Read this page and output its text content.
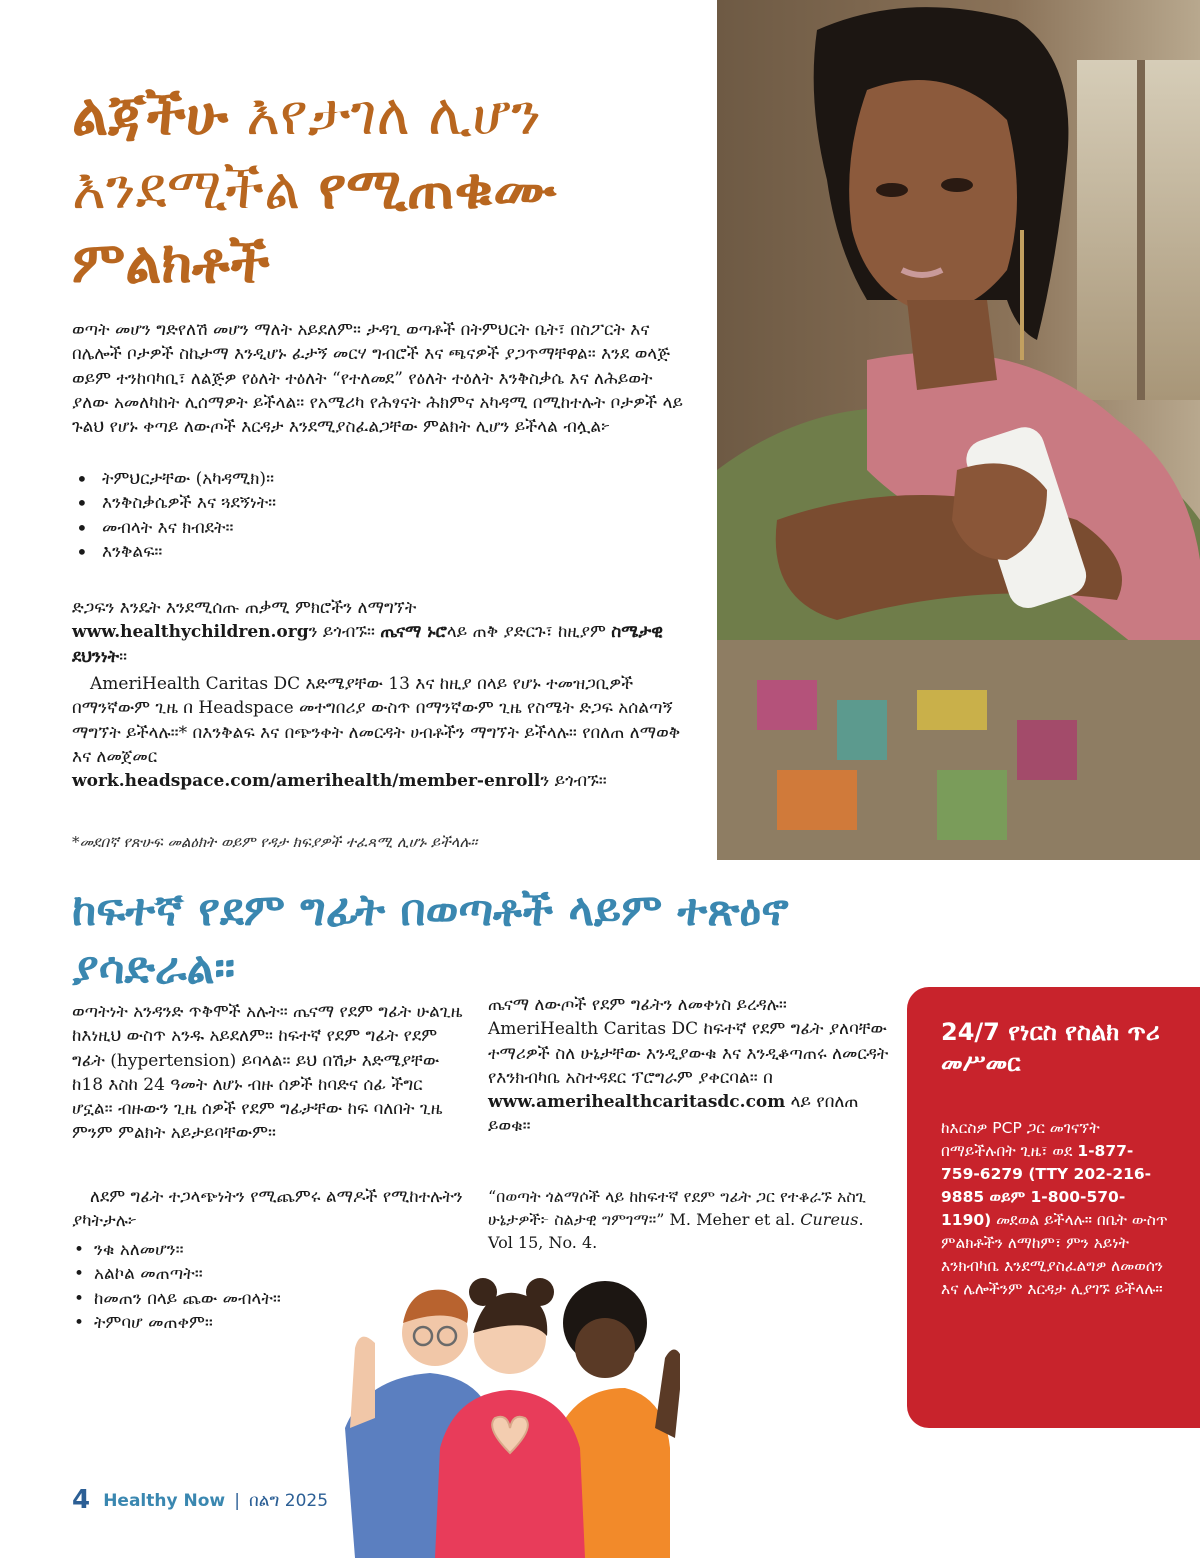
ልጃችሁ እየታገለ ሊሆን እንደሚችል የሚጠቁሙ ምልክቶች

ወጣት መሆን ግድየለሽ መሆን ማለት አይደለም። ታዳጊ ወጣቶች በትምህርት ቤት፣ በስፖርት እና በሌሎች ቦታዎች ስኬታማ እንዲሆኑ ፈታኝ መርሃ ግብሮች እና ጫናዎች ያጋጥማቸዋል። እንደ ወላጅ ወይም ተንከባካቢ፣ ለልጅዎ የዕለት ተዕለት “የተለመደ” የዕለት ተዕለት እንቅስቃሴ እና ለሕይወት ያለው አመለካከት ሊሰማዎት ይችላል። የአሜሪካ የሕፃናት ሕክምና አካዳሚ በሚከተሉት ቦታዎች ላይ ጉልህ የሆኑ ቀጣይ ለውጦች እርዳታ እንደሚያስፈልጋቸው ምልክት ሊሆን ይችላል ብሏል፦

• ትምህርታቸው (አካዳሚክ)።
• እንቅስቃሴዎች እና ጓደኝነት።
• መብላት እና ክብደት።
• እንቅልፍ።

ድጋፍን እንዴት እንደሚሰጡ ጠቃሚ ምክሮችን ለማግኘት
www.healthychildren.orgን ይጎብኙ። ጤናማ ኑሮላይ ጠቅ ያድርጉ፣ ከዚያም ስሜታዊ ደህንነት።

AmeriHealth Caritas DC እድሜያቸው 13 እና ከዚያ በላይ የሆኑ ተመዝጋቢዎች በማንኛውም ጊዜ በ Headspace መተግበሪያ ውስጥ በማንኛውም ጊዜ የስሜት ድጋፍ አሰልጣኝ ማግኘት ይችላሉ።* በእንቅልፍ እና በጭንቀት ለመርዳት ሀብቶችን ማግኘት ይችላሉ። የበለጠ ለማወቅ እና ለመጀመር
work.headspace.com/amerihealth/member-enrollን ይጎብኙ።

*መደበኛ የጽሁፍ መልዕክት ወይም የዳታ ክፍያዎች ተፈጻሚ ሊሆኑ ይችላሉ።

ከፍተኛ የደም ግፊት በወጣቶች ላይም ተጽዕኖ ያሳድራል።

ወጣትነት አንዳንድ ጥቅሞች አሉት። ጤናማ የደም ግፊት ሁልጊዜ ከእነዚህ ውስጥ አንዱ አይደለም። ከፍተኛ የደም ግፊት የደም ግፊት (hypertension) ይባላል። ይህ በሽታ እድሜያቸው ከ18 እስከ 24 ዓመት ለሆኑ ብዙ ሰዎች ከባድና ሰፊ ችግር ሆኗል። ብዙውን ጊዜ ሰዎች የደም ግፊታቸው ከፍ ባለበት ጊዜ ምንም ምልክት አይታይባቸውም።

ለደም ግፊት ተጋላጭነትን የሚጨምሩ ልማዶች የሚከተሉትን ያካትታሉ፦

• ንቁ አለመሆን።
• አልኮል መጠጣት።
• ከመጠን በላይ ጨው መብላት።
• ትምባሆ መጠቀም።

ጤናማ ለውጦች የደም ግፊትን ለመቀነስ ይረዳሉ። AmeriHealth Caritas DC ከፍተኛ የደም ግፊት ያለባቸው ተማሪዎች ስለ ሁኔታቸው እንዲያውቁ እና እንዲቆጣጠሩ ለመርዳት የእንክብካቤ አስተዳደር ፕሮግራም ያቀርባል። በ www.amerihealthcaritasdc.com ላይ የበለጠ ይወቁ።

“በወጣት ጎልማሶች ላይ ከከፍተኛ የደም ግፊት ጋር የተቆራኙ አስጊ ሁኔታዎች፦ ስልታዊ ግምገማ።” M. Meher et al. Cureus. Vol 15, No. 4.

24/7 የነርስ የስልክ ጥሪ መሥመር

ከእርስዎ PCP ጋር መገናኘት በማይችሉበት ጊዜ፣ ወደ 1-877-759-6279 (TTY 202-216-9885 ወይም 1-800-570-1190) መደወል ይችላሉ። በቤት ውስጥ ምልክቶችን ለማከም፣ ምን አይነት እንክብካቤ እንደሚያስፈልግዎ ለመወሰን እና ሌሎችንም እርዳታ ሊያገኙ ይችላሉ።

4 Healthy Now | በልግ 2025
